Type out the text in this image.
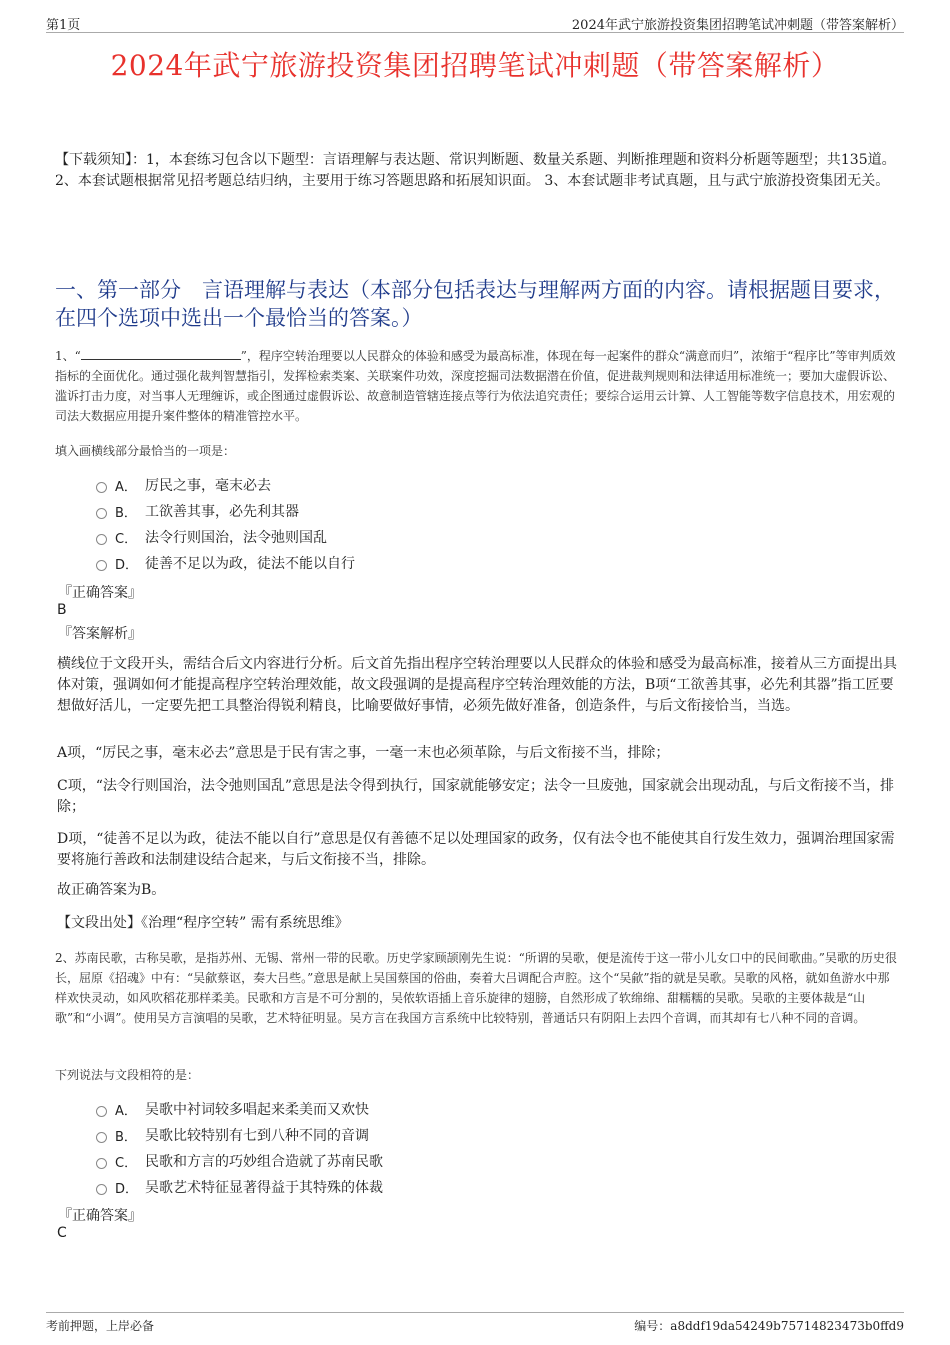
第1页	2024年武宁旅游投资集团招聘笔试冲刺题（带答案解析）
2024年武宁旅游投资集团招聘笔试冲刺题（带答案解析）
【下载须知】：1，本套练习包含以下题型：言语理解与表达题、常识判断题、数量关系题、判断推理题和资料分析题等题型；共135道。 2、本套试题根据常见招考题总结归纳，主要用于练习答题思路和拓展知识面。 3、本套试题非考试真题，且与武宁旅游投资集团无关。
一、第一部分　言语理解与表达（本部分包括表达与理解两方面的内容。请根据题目要求，在四个选项中选出一个最恰当的答案。）
1、“	”，程序空转治理要以人民群众的体验和感受为最高标准，体现在每一起案件的群众“满意而归”，浓缩于“程序比”等审判质效指标的全面优化。通过强化裁判智慧指引，发挥检索类案、关联案件功效，深度挖掘司法数据潜在价值，促进裁判规则和法律适用标准统一；要加大虚假诉讼、滥诉打击力度，对当事人无理缠诉，或企图通过虚假诉讼、故意制造管辖连接点等行为依法追究责任；要综合运用云计算、人工智能等数字信息技术，用宏观的司法大数据应用提升案件整体的精准管控水平。
填入画横线部分最恰当的一项是：
A． 厉民之事，毫末必去
B． 工欲善其事，必先利其器
C． 法令行则国治，法令弛则国乱
D． 徒善不足以为政，徒法不能以自行
『正确答案』
B
『答案解析』
横线位于文段开头，需结合后文内容进行分析。后文首先指出程序空转治理要以人民群众的体验和感受为最高标准，接着从三方面提出具体对策，强调如何才能提高程序空转治理效能，故文段强调的是提高程序空转治理效能的方法，B项“工欲善其事，必先利其器”指工匠要想做好活儿，一定要先把工具整治得锐利精良，比喻要做好事情，必须先做好准备，创造条件，与后文衔接恰当，当选。
A项，“厉民之事，毫末必去”意思是于民有害之事，一毫一末也必须革除，与后文衔接不当，排除；
C项，“法令行则国治，法令弛则国乱”意思是法令得到执行，国家就能够安定；法令一旦废弛，国家就会出现动乱，与后文衔接不当，排除；
D项，“徒善不足以为政，徒法不能以自行”意思是仅有善德不足以处理国家的政务，仅有法令也不能使其自行发生效力，强调治理国家需要将施行善政和法制建设结合起来，与后文衔接不当，排除。
故正确答案为B。
【文段出处】《治理“程序空转” 需有系统思维》
2、苏南民歌，古称吴歌，是指苏州、无锡、常州一带的民歌。历史学家顾颉刚先生说：“所谓的吴歌，便是流传于这一带小儿女口中的民间歌曲。”吴歌的历史很长，屈原《招魂》中有：“吴歈蔡讴，奏大吕些。”意思是献上吴国蔡国的俗曲，奏着大吕调配合声腔。这个“吴歈”指的就是吴歌。吴歌的风格，就如鱼游水中那样欢快灵动，如风吹稻花那样柔美。民歌和方言是不可分割的，吴侬软语插上音乐旋律的翅膀，自然形成了软绵绵、甜糯糯的吴歌。吴歌的主要体裁是“山歌”和“小调”。使用吴方言演唱的吴歌，艺术特征明显。吴方言在我国方言系统中比较特别，普通话只有阴阳上去四个音调，而其却有七八种不同的音调。
下列说法与文段相符的是：
A． 吴歌中衬词较多唱起来柔美而又欢快
B． 吴歌比较特别有七到八种不同的音调
C． 民歌和方言的巧妙组合造就了苏南民歌
D． 吴歌艺术特征显著得益于其特殊的体裁
『正确答案』
C
考前押题，上岸必备	编号：a8ddf19da54249b75714823473b0ffd9
